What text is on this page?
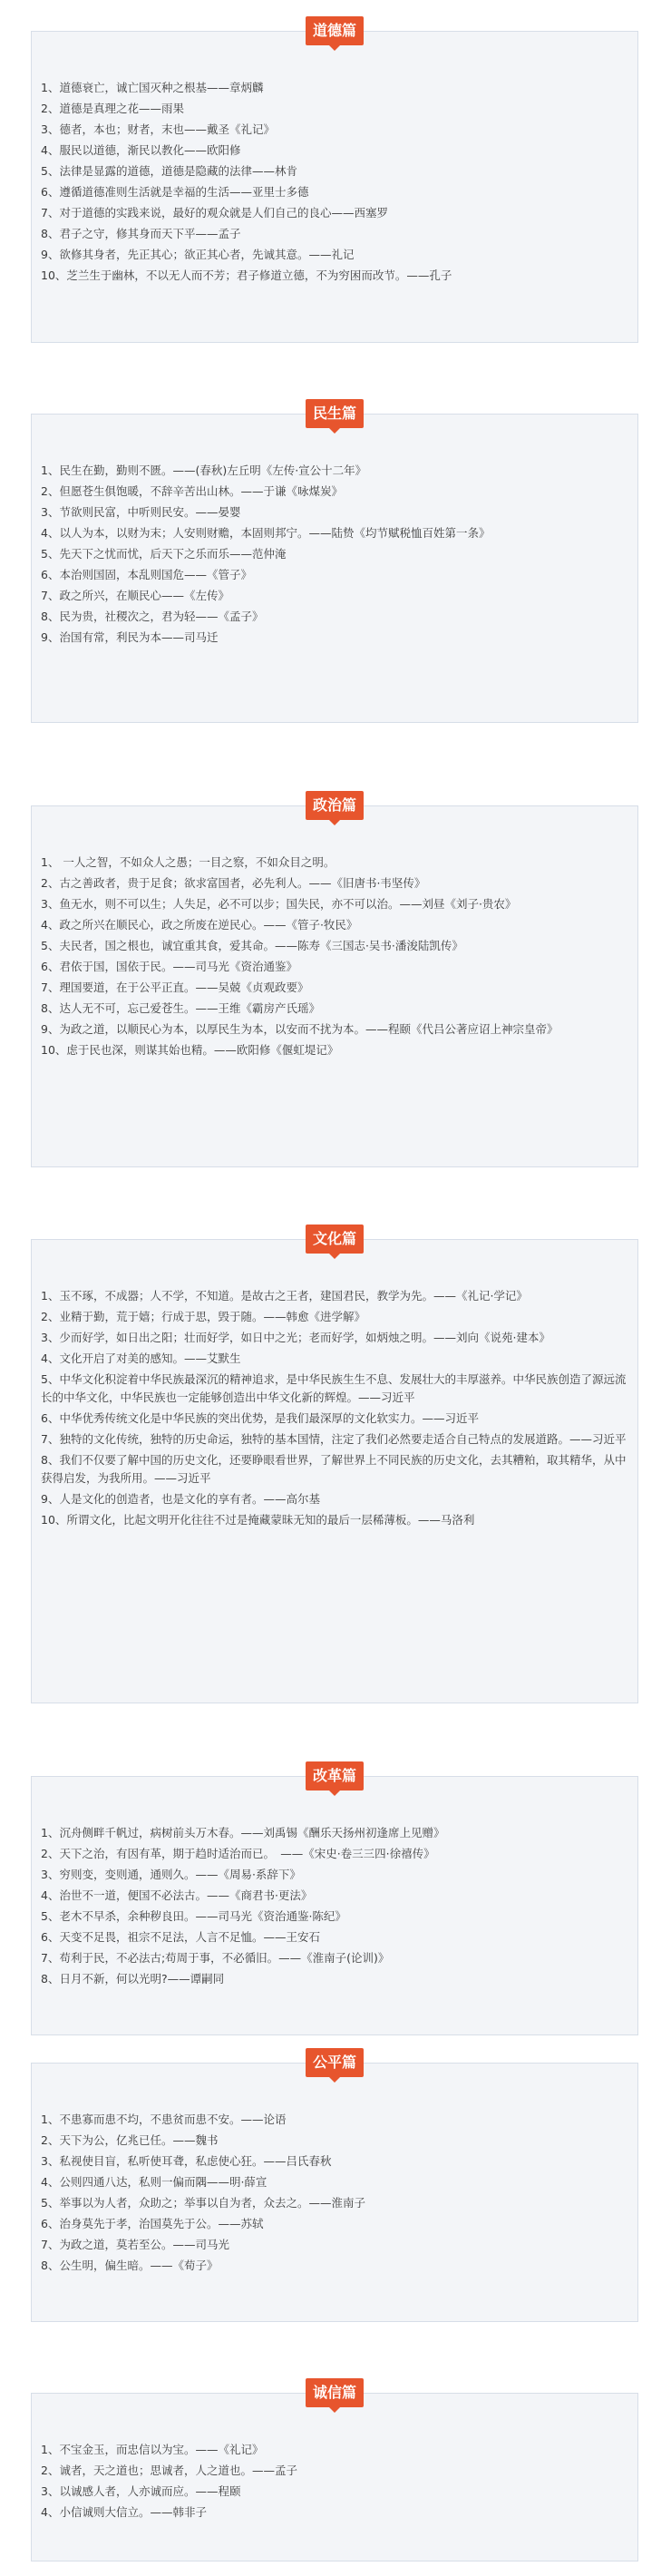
道德篇
1、道德衰亡，诚亡国灭种之根基——章炳麟
2、道德是真理之花——雨果
3、德者，本也；财者，末也——戴圣《礼记》
4、服民以道德，渐民以教化——欧阳修
5、法律是显露的道德，道德是隐藏的法律——林肯
6、遵循道德准则生活就是幸福的生活——亚里士多德
7、对于道德的实践来说，最好的观众就是人们自己的良心——西塞罗
8、君子之守，修其身而天下平——孟子
9、欲修其身者，先正其心；欲正其心者，先诚其意。——礼记
10、芝兰生于幽林，不以无人而不芳；君子修道立德，不为穷困而改节。——孔子
民生篇
1、民生在勤，勤则不匮。——(春秋)左丘明《左传·宣公十二年》
2、但愿苍生俱饱暖，不辞辛苦出山林。——于谦《咏煤炭》
3、节欲则民富，中听则民安。——晏婴
4、以人为本，以财为末；人安则财赡，本固则邦宁。——陆贽《均节赋税恤百姓第一条》
5、先天下之忧而忧，后天下之乐而乐——范仲淹
6、本治则国固，本乱则国危——《管子》
7、政之所兴，在顺民心——《左传》
8、民为贵，社稷次之，君为轻——《孟子》
9、治国有常，利民为本——司马迁
政治篇
1、 一人之智，不如众人之愚；一目之察，不如众目之明。
2、古之善政者，贵于足食；欲求富国者，必先利人。——《旧唐书·韦坚传》
3、鱼无水，则不可以生；人失足，必不可以步；国失民，亦不可以治。——刘昼《刘子·贵农》
4、政之所兴在顺民心，政之所废在逆民心。——《管子·牧民》
5、夫民者，国之根也，诚宜重其食，爱其命。——陈寿《三国志·吴书·潘浚陆凯传》
6、君依于国，国依于民。——司马光《资治通鉴》
7、理国要道，在于公平正直。——吴兢《贞观政要》
8、达人无不可，忘己爱苍生。——王维《霸房产氏瑶》
9、为政之道，以顺民心为本，以厚民生为本，以安而不扰为本。——程颐《代吕公著应诏上神宗皇帝》
10、虑于民也深，则谋其始也精。——欧阳修《偃虹堤记》
文化篇
1、玉不琢，不成器；人不学，不知道。是故古之王者，建国君民，教学为先。——《礼记·学记》
2、业精于勤，荒于嬉；行成于思，毁于随。——韩愈《进学解》
3、少而好学，如日出之阳；壮而好学，如日中之光；老而好学，如炳烛之明。——刘向《说苑·建本》
4、文化开启了对美的感知。——艾默生
5、中华文化积淀着中华民族最深沉的精神追求，是中华民族生生不息、发展壮大的丰厚滋养。中华民族创造了源远流长的中华文化，中华民族也一定能够创造出中华文化新的辉煌。——习近平
6、中华优秀传统文化是中华民族的突出优势，是我们最深厚的文化软实力。——习近平
7、独特的文化传统，独特的历史命运，独特的基本国情，注定了我们必然要走适合自己特点的发展道路。——习近平
8、我们不仅要了解中国的历史文化，还要睁眼看世界，了解世界上不同民族的历史文化，去其糟粕，取其精华，从中获得启发，为我所用。——习近平
9、人是文化的创造者，也是文化的享有者。——高尔基
10、所谓文化，比起文明开化往往不过是掩藏蒙昧无知的最后一层稀薄板。——马洛利
改革篇
1、沉舟侧畔千帆过，病树前头万木春。——刘禹锡《酬乐天扬州初逢席上见赠》
2、天下之治，有因有革，期于趋时适治而已。　——《宋史·卷三三四·徐禧传》
3、穷则变，变则通，通则久。——《周易·系辞下》
4、治世不一道，便国不必法古。——《商君书·更法》
5、老木不早杀，余种秽良田。——司马光《资治通鉴·陈纪》
6、天变不足畏，祖宗不足法，人言不足恤。——王安石
7、苟利于民，不必法古;苟周于事，不必循旧。——《淮南子(论训)》
8、日月不新，何以光明?——谭嗣同
公平篇
1、不患寡而患不均，不患贫而患不安。——论语
2、天下为公，亿兆已任。——魏书
3、私视使目盲，私听使耳聋，私虑使心狂。——吕氏春秋
4、公则四通八达，私则一偏而隅——明·薛宣
5、举事以为人者，众助之；举事以自为者，众去之。——淮南子
6、治身莫先于孝，治国莫先于公。——苏轼
7、为政之道，莫若至公。——司马光
8、公生明，偏生暗。——《荀子》
诚信篇
1、不宝金玉，而忠信以为宝。——《礼记》
2、诚者，天之道也；思诚者，人之道也。——孟子
3、以诚感人者，人亦诚而应。——程颐
4、小信诚则大信立。——韩非子
